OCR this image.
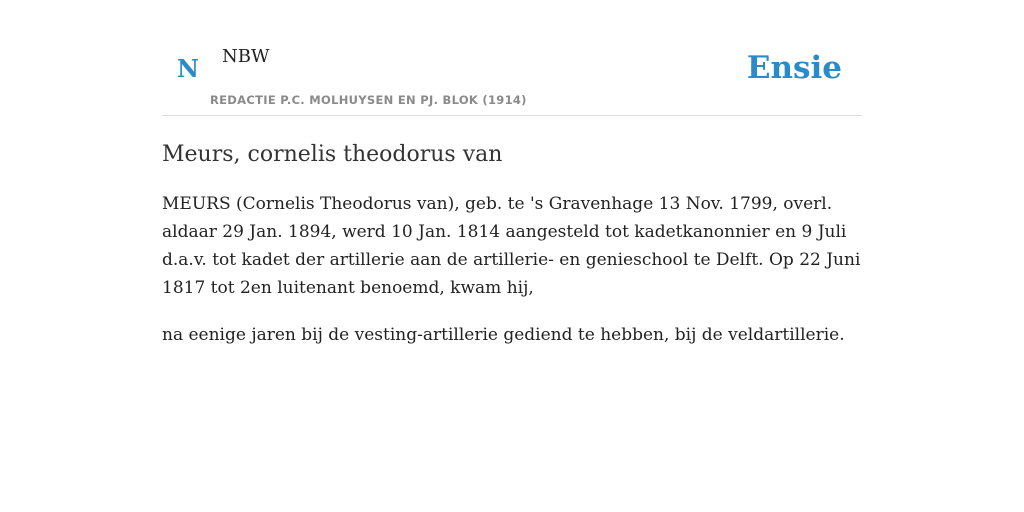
N NBW
REDACTIE P.C. MOLHUYSEN EN PJ. BLOK (1914)
Ensie
Meurs, cornelis theodorus van

MEURS (Cornelis Theodorus van), geb. te 's Gravenhage 13 Nov. 1799, overl. aldaar 29 Jan. 1894, werd 10 Jan. 1814 aangesteld tot kadetkanonnier en 9 Juli d.a.v. tot kadet der artillerie aan de artillerie- en genieschool te Delft. Op 22 Juni 1817 tot 2en luitenant benoemd, kwam hij,

na eenige jaren bij de vesting-artillerie gediend te hebben, bij de veldartillerie.
